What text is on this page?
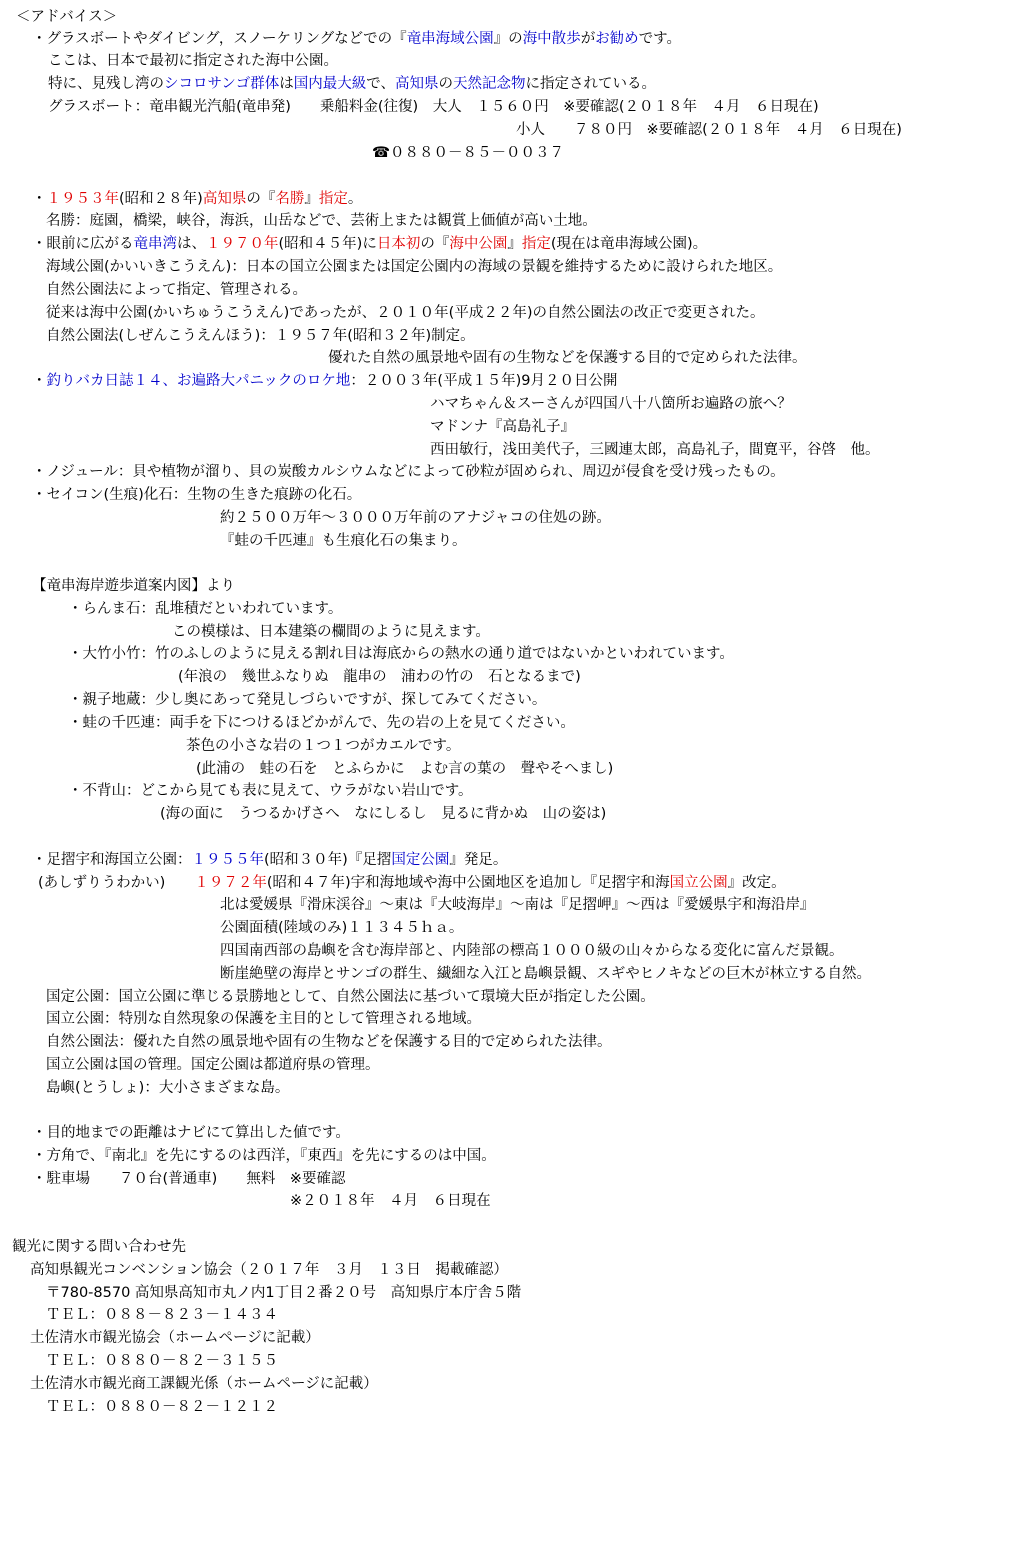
＜アドバイス＞
・グラスボートやダイビング，スノーケリングなどでの『竜串海域公園』の海中散歩がお勧めです。
ここは、日本で最初に指定された海中公園。
特に、見残し湾のシコロサンゴ群体は国内最大級で、高知県の天然記念物に指定されている。
グラスボート：竜串観光汽船(竜串発)　　乗船料金(往復)　大人　１５６０円　※要確認(２０１８年　４月　６日現在)
小人　　７８０円　※要確認(２０１８年　４月　６日現在)
☎０８８０－８５－００３７
・１９５３年(昭和２８年)高知県の『名勝』指定。
名勝：庭園，橋梁，峡谷，海浜，山岳などで、芸術上または観賞上価値が高い土地。
・眼前に広がる竜串湾は、１９７０年(昭和４５年)に日本初の『海中公園』指定(現在は竜串海域公園)。
海域公園(かいいきこうえん)：日本の国立公園または国定公園内の海域の景観を維持するために設けられた地区。
自然公園法によって指定、管理される。
従来は海中公園(かいちゅうこうえん)であったが、２０１０年(平成２２年)の自然公園法の改正で変更された。
自然公園法(しぜんこうえんほう)：１９５７年(昭和３２年)制定。
優れた自然の風景地や固有の生物などを保護する目的で定められた法律。
・釣りバカ日誌１４、お遍路大パニックのロケ地：２００３年(平成１５年)9月２０日公開
ハマちゃん＆スーさんが四国八十八箇所お遍路の旅へ？
マドンナ『高島礼子』
西田敏行，浅田美代子，三國連太郎，高島礼子，間寛平，谷啓　他。
・ノジュール：貝や植物が溜り、貝の炭酸カルシウムなどによって砂粒が固められ、周辺が侵食を受け残ったもの。
・セイコン(生痕)化石：生物の生きた痕跡の化石。
約２５００万年～３０００万年前のアナジャコの住処の跡。
『蛙の千匹連』も生痕化石の集まり。
【竜串海岸遊歩道案内図】より
・らんま石：乱堆積だといわれています。
この模様は、日本建築の欄間のように見えます。
・大竹小竹：竹のふしのように見える割れ目は海底からの熱水の通り道ではないかといわれています。
(年浪の　幾世ふなりぬ　龍串の　浦わの竹の　石となるまで)
・親子地蔵：少し奥にあって発見しづらいですが、探してみてください。
・蛙の千匹連：両手を下につけるほどかがんで、先の岩の上を見てください。
茶色の小さな岩の１つ１つがカエルです。
(此浦の　蛙の石を　とふらかに　よむ言の葉の　聲やそへまし)
・不背山：どこから見ても表に見えて、ウラがない岩山です。
(海の面に　うつるかげさへ　なにしるし　見るに背かぬ　山の姿は)
・足摺宇和海国立公園：１９５５年(昭和３０年)『足摺国定公園』発足。
(あしずりうわかい)　　１９７２年(昭和４７年)宇和海地域や海中公園地区を追加し『足摺宇和海国立公園』改定。
北は愛媛県『滑床渓谷』～東は『大岐海岸』～南は『足摺岬』～西は『愛媛県宇和海沿岸』
公園面積(陸域のみ)１１３４５ｈａ。
四国南西部の島嶼を含む海岸部と、内陸部の標高１０００級の山々からなる変化に富んだ景観。
断崖絶壁の海岸とサンゴの群生、繊細な入江と島嶼景観、スギやヒノキなどの巨木が林立する自然。
国定公園：国立公園に準じる景勝地として、自然公園法に基づいて環境大臣が指定した公園。
国立公園：特別な自然現象の保護を主目的として管理される地域。
自然公園法：優れた自然の風景地や固有の生物などを保護する目的で定められた法律。
国立公園は国の管理。国定公園は都道府県の管理。
島嶼(とうしょ)：大小さまざまな島。
・目的地までの距離はナビにて算出した値です。
・方角で、『南北』を先にするのは西洋，『東西』を先にするのは中国。
・駐車場　　７０台(普通車)　　無料　※要確認
※２０１８年　４月　６日現在
観光に関する問い合わせ先
高知県観光コンベンション協会（２０１７年　３月　１３日　掲載確認）
〒780-8570 高知県高知市丸ノ内1丁目２番２０号　高知県庁本庁舎５階
ＴＥＬ：０８８－８２３－１４３４
土佐清水市観光協会（ホームページに記載）
ＴＥＬ：０８８０－８２－３１５５
土佐清水市観光商工課観光係（ホームページに記載）
ＴＥＬ：０８８０－８２－１２１２
